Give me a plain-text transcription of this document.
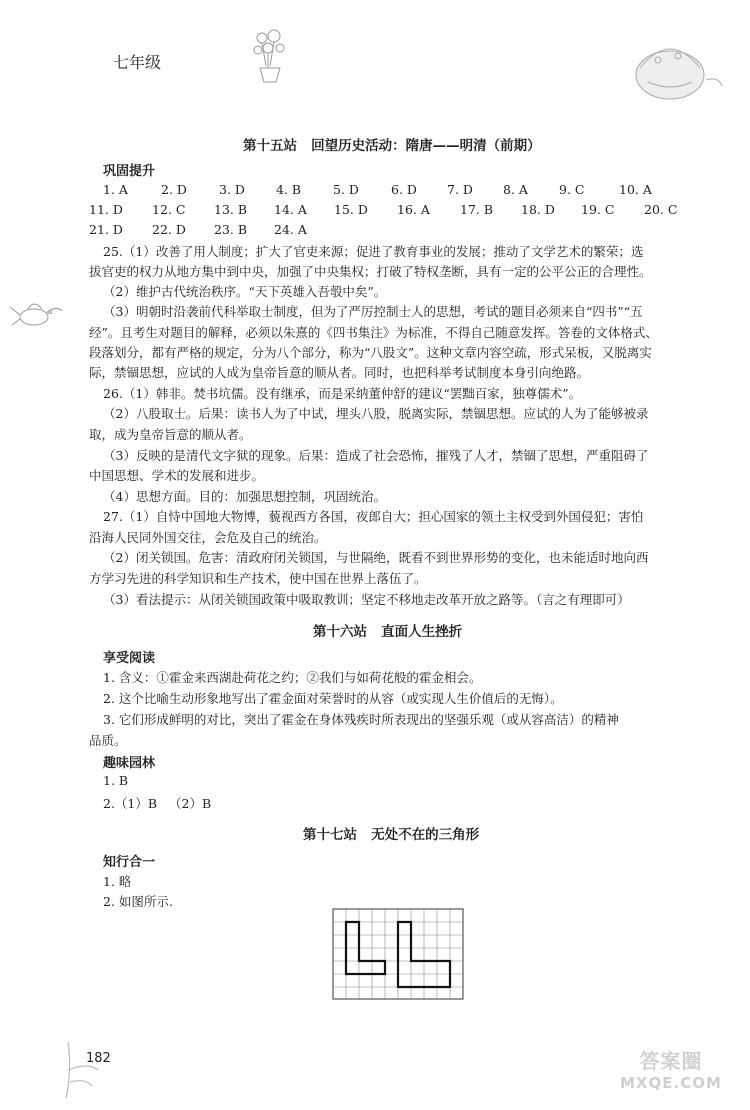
七年级
答案圈
MXQE.COM
第十五站   回望历史活动：隋唐——明清（前期）
巩固提升
1. A	2. D	3. D 4. B	5. D	6. D 7. D 8. A 9. C	10. A
11. D 12. C 13. B 14. A 15. D 16. A 17. B 18. D 19. C 20. C
21. D 22. D 23. B 24. A
25.（1）改善了用人制度；扩大了官吏来源；促进了教育事业的发展；推动了文学艺术的繁荣；选
拔官吏的权力从地方集中到中央，加强了中央集权；打破了特权垄断，具有一定的公平公正的合理性。
（2）维护古代统治秩序。“天下英雄入吾彀中矣”。
（3）明朝时沿袭前代科举取士制度，但为了严厉控制士人的思想，考试的题目必须来自“四书”“五
经”。且考生对题目的解释，必须以朱熹的《四书集注》为标准，不得自己随意发挥。答卷的文体格式、
段落划分，都有严格的规定，分为八个部分，称为“八股文”。这种文章内容空疏，形式呆板，又脱离实
际，禁锢思想，应试的人成为皇帝旨意的顺从者。同时，也把科举考试制度本身引向绝路。
26.（1）韩非。焚书坑儒。没有继承，而是采纳董仲舒的建议“罢黜百家，独尊儒术”。
（2）八股取士。后果：读书人为了中试，埋头八股，脱离实际，禁锢思想。应试的人为了能够被录
取，成为皇帝旨意的顺从者。
（3）反映的是清代文字狱的现象。后果：造成了社会恐怖，摧残了人才，禁锢了思想，严重阻碍了
中国思想、学术的发展和进步。
（4）思想方面。目的：加强思想控制，巩固统治。
27.（1）自恃中国地大物博，藐视西方各国，夜郎自大；担心国家的领土主权受到外国侵犯；害怕
沿海人民同外国交往，会危及自己的统治。
（2）闭关锁国。危害：清政府闭关锁国，与世隔绝，既看不到世界形势的变化，也未能适时地向西
方学习先进的科学知识和生产技术，使中国在世界上落伍了。
（3）看法提示：从闭关锁国政策中吸取教训；坚定不移地走改革开放之路等。（言之有理即可）
第十六站   直面人生挫折
享受阅读
1. 含义：①霍金来西湖赴荷花之约；②我们与如荷花般的霍金相会。
2. 这个比喻生动形象地写出了霍金面对荣誉时的从容（或实现人生价值后的无悔）。
3. 它们形成鲜明的对比，突出了霍金在身体残疾时所表现出的坚强乐观（或从容高洁）的精神
品质。
趣味园林
1. B
2.（1）B   （2）B
第十七站   无处不在的三角形
知行合一
1. 略
2. 如图所示.
182
